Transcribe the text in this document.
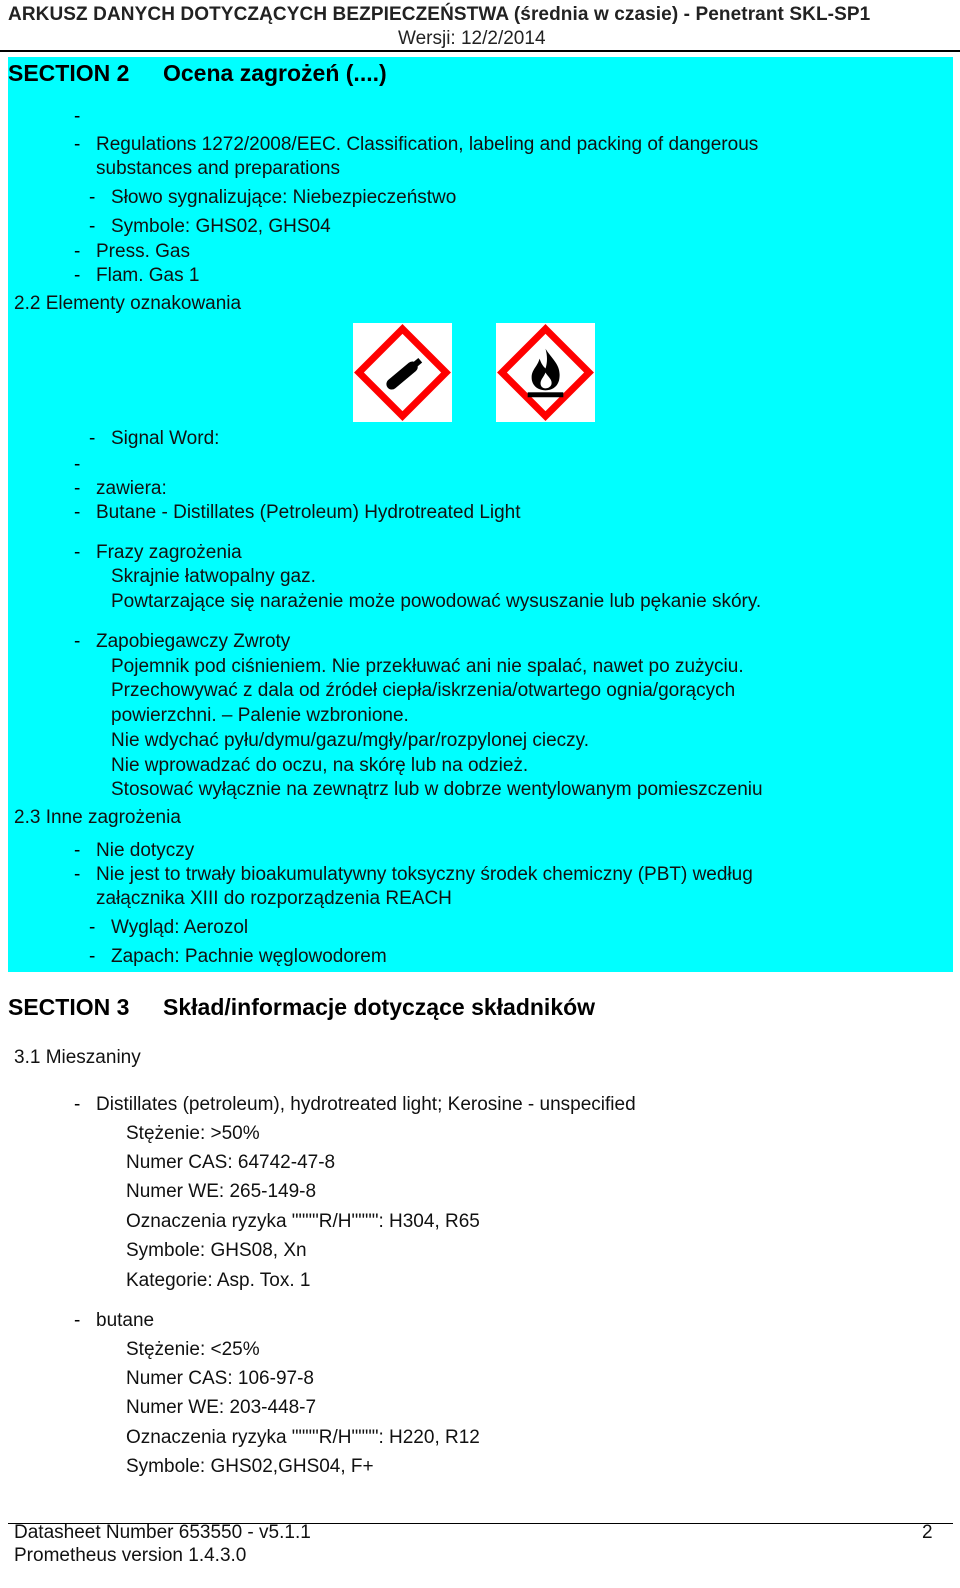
ARKUSZ DANYCH DOTYCZĄCYCH BEZPIECZEŃSTWA (średnia w czasie) - Penetrant SKL-SP1
Wersji: 12/2/2014
SECTION 2 Ocena zagrożeń (....)
-
- Regulations 1272/2008/EEC. Classification, labeling and packing of dangerous
substances and preparations
- Słowo sygnalizujące: Niebezpieczeństwo
- Symbole: GHS02, GHS04
- Press. Gas
- Flam. Gas 1
2.2 Elementy oznakowania
- Signal Word:
-
- zawiera:
- Butane - Distillates (Petroleum) Hydrotreated Light
- Frazy zagrożenia
Skrajnie łatwopalny gaz.
Powtarzające się narażenie może powodować wysuszanie lub pękanie skóry.
- Zapobiegawczy Zwroty
Pojemnik pod ciśnieniem. Nie przekłuwać ani nie spalać, nawet po zużyciu.
Przechowywać z dala od źródeł ciepła/iskrzenia/otwartego ognia/gorących
powierzchni. – Palenie wzbronione.
Nie wdychać pyłu/dymu/gazu/mgły/par/rozpylonej cieczy.
Nie wprowadzać do oczu, na skórę lub na odzież.
Stosować wyłącznie na zewnątrz lub w dobrze wentylowanym pomieszczeniu
2.3 Inne zagrożenia
- Nie dotyczy
- Nie jest to trwały bioakumulatywny toksyczny środek chemiczny (PBT) według
załącznika XIII do rozporządzenia REACH
- Wygląd: Aerozol
- Zapach: Pachnie węglowodorem
SECTION 3 Skład/informacje dotyczące składników
3.1 Mieszaniny
- Distillates (petroleum), hydrotreated light; Kerosine - unspecified
Stężenie: >50%
Numer CAS: 64742-47-8
Numer WE: 265-149-8
Oznaczenia ryzyka """"R/H"""": H304, R65
Symbole: GHS08, Xn
Kategorie: Asp. Tox. 1
- butane
Stężenie: <25%
Numer CAS: 106-97-8
Numer WE: 203-448-7
Oznaczenia ryzyka """"R/H"""": H220, R12
Symbole: GHS02,GHS04, F+
Datasheet Number 653550 - v5.1.1	2
Prometheus version 1.4.3.0
